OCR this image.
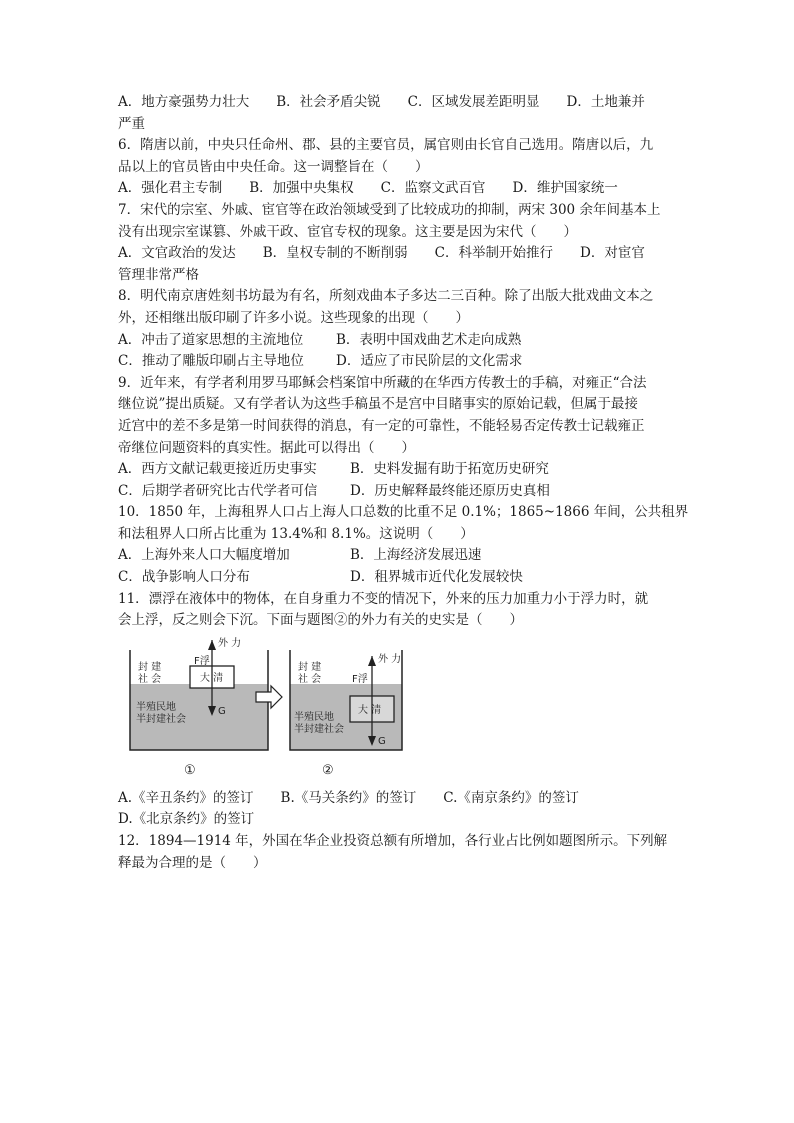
A．地方豪强势力壮大　　B．社会矛盾尖锐　　C．区域发展差距明显　　D．土地兼并
严重
6．隋唐以前，中央只任命州、郡、县的主要官员，属官则由长官自己选用。隋唐以后，九
品以上的官员皆由中央任命。这一调整旨在（　　）
A．强化君主专制　　B．加强中央集权　　C．监察文武百官　　D．维护国家统一
7．宋代的宗室、外戚、宦官等在政治领域受到了比较成功的抑制，两宋 300 余年间基本上
没有出现宗室谋篡、外戚干政、宦官专权的现象。这主要是因为宋代（　　）
A．文官政治的发达　　B．皇权专制的不断削弱　　C．科举制开始推行　　D．对宦官
管理非常严格
8．明代南京唐姓刻书坊最为有名，所刻戏曲本子多达二三百种。除了出版大批戏曲文本之
外，还相继出版印刷了许多小说。这些现象的出现（　　）
A．冲击了道家思想的主流地位	B．表明中国戏曲艺术走向成熟
C．推动了雕版印刷占主导地位	D．适应了市民阶层的文化需求
9．近年来，有学者利用罗马耶稣会档案馆中所藏的在华西方传教士的手稿，对雍正“合法
继位说”提出质疑。又有学者认为这些手稿虽不是宫中目睹事实的原始记载，但属于最接
近宫中的差不多是第一时间获得的消息，有一定的可靠性，不能轻易否定传教士记载雍正
帝继位问题资料的真实性。据此可以得出（　　）
A．西方文献记载更接近历史事实	B．史料发掘有助于拓宽历史研究
C．后期学者研究比古代学者可信	D．历史解释最终能还原历史真相
10．1850 年，上海租界人口占上海人口总数的比重不足 0.1%；1865~1866 年间，公共租界
和法租界人口所占比重为 13.4%和 8.1%。这说明（　　）
A．上海外来人口大幅度增加	B．上海经济发展迅速
C．战争影响人口分布	D．租界城市近代化发展较快
11．漂浮在液体中的物体，在自身重力不变的情况下，外来的压力加重力小于浮力时，就
会上浮，反之则会下沉。下面与题图②的外力有关的史实是（　　）
外 力
F浮
大 清
G
封 建
社 会
半殖民地
半封建社会
外 力
F浮
大 清
G
封 建
社 会
半殖民地
半封建社会
①	②
A.《辛丑条约》的签订　　B.《马关条约》的签订　　C.《南京条约》的签订
D.《北京条约》的签订
12．1894—1914 年，外国在华企业投资总额有所增加，各行业占比例如题图所示。下列解
释最为合理的是（　　）
